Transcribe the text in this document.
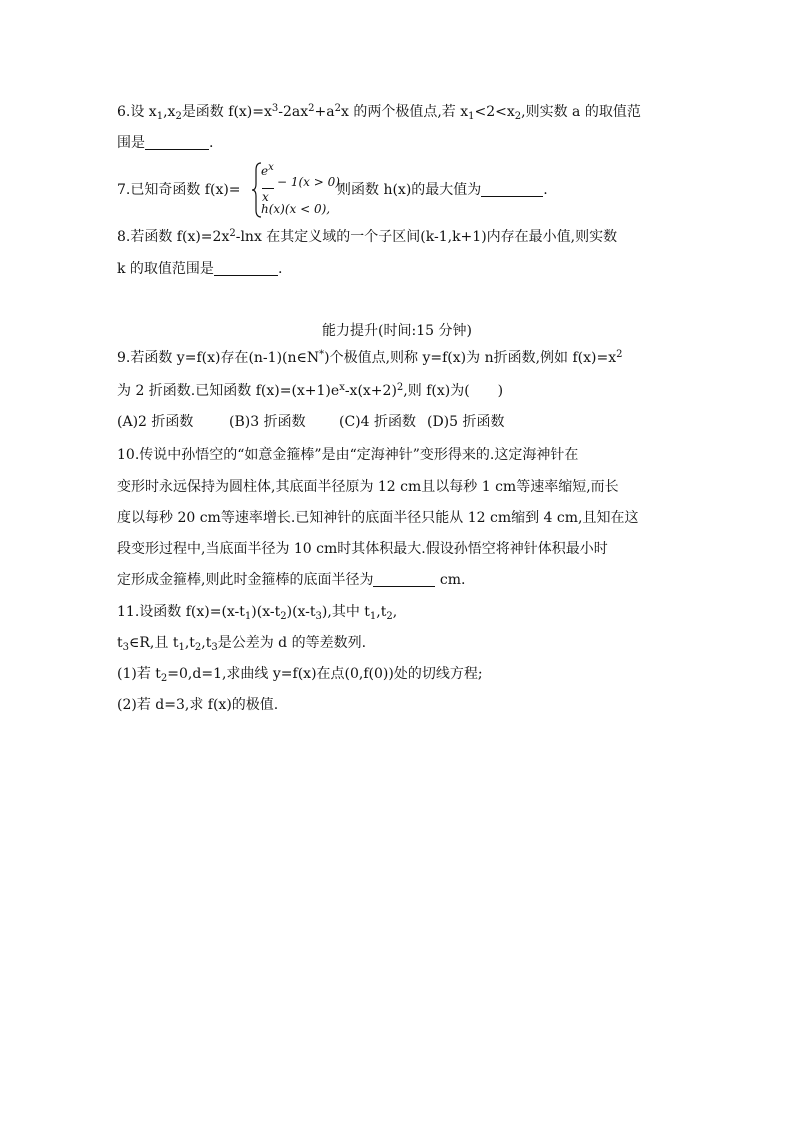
6.设 $x_1,x_2$是函数 $f(x)=x^3-2ax^2+a^2x$ 的两个极值点,若 $x_1<2<x_2$,则实数 a 的取值范
围是	.
7.已知奇函数 f(x)=
$e^x$
x
− 1(x > 0),
h(x)(x < 0),
则函数 h(x)的最大值为	.
8.若函数 $f(x)=2x^2$-lnx 在其定义域的一个子区间(k-1,k+1)内存在最小值,则实数
k 的取值范围是	.
能力提升(时间:15 分钟)
9.若函数 y=f(x)存在(n-1)(n∈N*)个极值点,则称 y=f(x)为 n折函数,例如 $f(x)=x^2$
为 2 折函数.已知函数 $f(x)=(x+1)e^x-x(x+2)^2$,则 f(x)为( )
(A)2 折函数	(B)3 折函数 (C)4 折函数 (D)5 折函数
10.传说中孙悟空的“如意金箍棒”是由“定海神针”变形得来的.这定海神针在
变形时永远保持为圆柱体,其底面半径原为 12 cm且以每秒 1 cm等速率缩短,而长
度以每秒 20 cm等速率增长.已知神针的底面半径只能从 12 cm缩到 4 cm,且知在这
段变形过程中,当底面半径为 10 cm时其体积最大.假设孙悟空将神针体积最小时
定形成金箍棒,则此时金箍棒的底面半径为	cm.
11.设函数 $f(x)=(x-t_1)(x-t_2)(x-t_3)$,其中 $t_1,t_2$,
$t_3\in R$,且 $t_1,t_2,t_3$是公差为 d 的等差数列.
(1)若 $t_2=0,d=1$,求曲线 y=f(x)在点(0,f(0))处的切线方程;
(2)若 d=3,求 f(x)的极值.
